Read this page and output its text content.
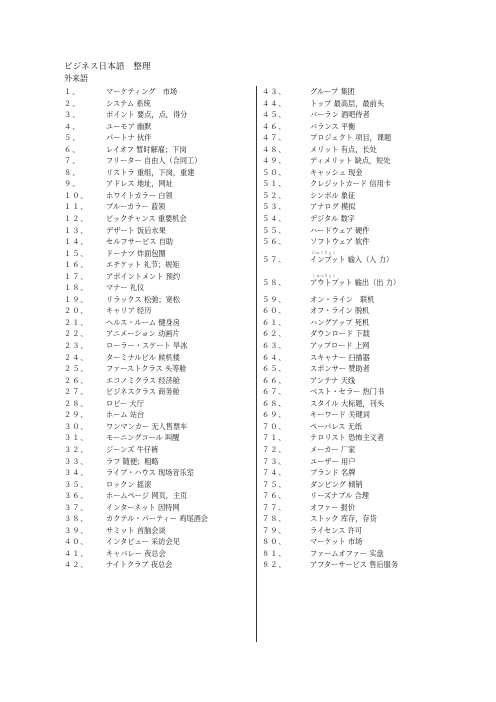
ビジネス日本語　整理
外来語
１、	マーケティング　市场
２、	システム 系统
３、	ポイント 要点，点，得分
４、	ユーモア 幽默
５、	パートナ 伙伴
６、	レイオフ 暂时解雇；下岗
７、	フリーター 自由人（合同工）
８、	リストラ 重组，下岗，重建
９、	アドレス 地址，网址
１０、	ホワイトカラー 白领
１１、	ブルーカラー 蓝领
１２、	ビックチャンス 重要机会
１３、	デザート 饭后水果
１４、	セルフサービス 自助
１５、	ドーナツ 炸面包圈
１６、	エチケット 礼节；规矩
１７、	アポイントメント 预约
１８、	マナー 礼仪
１９、	リラックス 松弛；宽松
２０、	キャリア 经历
２１、	ヘルス・ルーム 健身房
２２、	アニメーション 动画片
２３、	ローラー・スケート 旱冰
２４、	ターミナルビル 候机楼
２５、	ファーストクラス 头等舱
２６、	エコノミクラス 经济舱
２７、	ビジネスクラス 商务舱
２８、	ロビー 大厅
２９、	ホーム 站台
３０、	ワンマンカー 无人售票车
３１、	モーニングコール 叫醒
３２、	ジーンズ 牛仔裤
３３、	ラフ 随便；粗略
３４、	ライブ・ハウス 现场音乐室
３５、	ロックン 摇滚
３６、	ホームページ 网页，主页
３７、	インターネット 因特网
３８、	カクテル・パーティー 鸡尾酒会
３９、	サミット 首脑会谈
４０、	インタビュー 采访会见
４１、	キャバレー 夜总会
４２、	ナイトクラブ 夜总会
４３、	グループ 集团
４４、	トップ 最高层，最前头
４５、	バーラン 酒吧侍者
４６、	バランス 平衡
４７、	プロジェクト 项目，课题
４８、	メリット 有点，长处
４９、	ディメリット 缺点，短处
５０、	キャッシュ 现金
５１、	クレジットカード 信用卡
５２、	シンボル 象征
５３、	アナログ 模拟
５４、	デジタル 数字
５５、	ハードウェア 硬件
５６、	ソフトウェア 软件
５７、	インプット 输入（入 力）
にゅうりょく
５８、	アウトプット 输出（出 力）
しゅつりょく
５９、	オン・ライン　联机
６０、	オフ・ライン 脱机
６１、	ハングアップ 死机
６２、	ダウンロード 下载
６３、	アップロード 上网
６４、	スキャナー 扫描器
６５、	スポンサー 赞助者
６６、	アンテナ 天线
６７、	ベスト・セラー 热门书
６８、	スタイル 大标题，刊头
６９、	キーワード 关键词
７０、	ペーパレス 无纸
７１、	テロリスト 恐怖主义者
７２、	メーカー 厂家
７３、	ユーザー 用户
７４、	ブランド 名牌
７５、	ダンピング 倾销
７６、	リーズナブル 合理
７７、	オファー 报价
７８、	ストック 库存，存货
７９、	ライセンス 许可
８０、	マーケット 市场
８１、	ファームオファー 实盘
８２、	アフターサービス 售后服务
